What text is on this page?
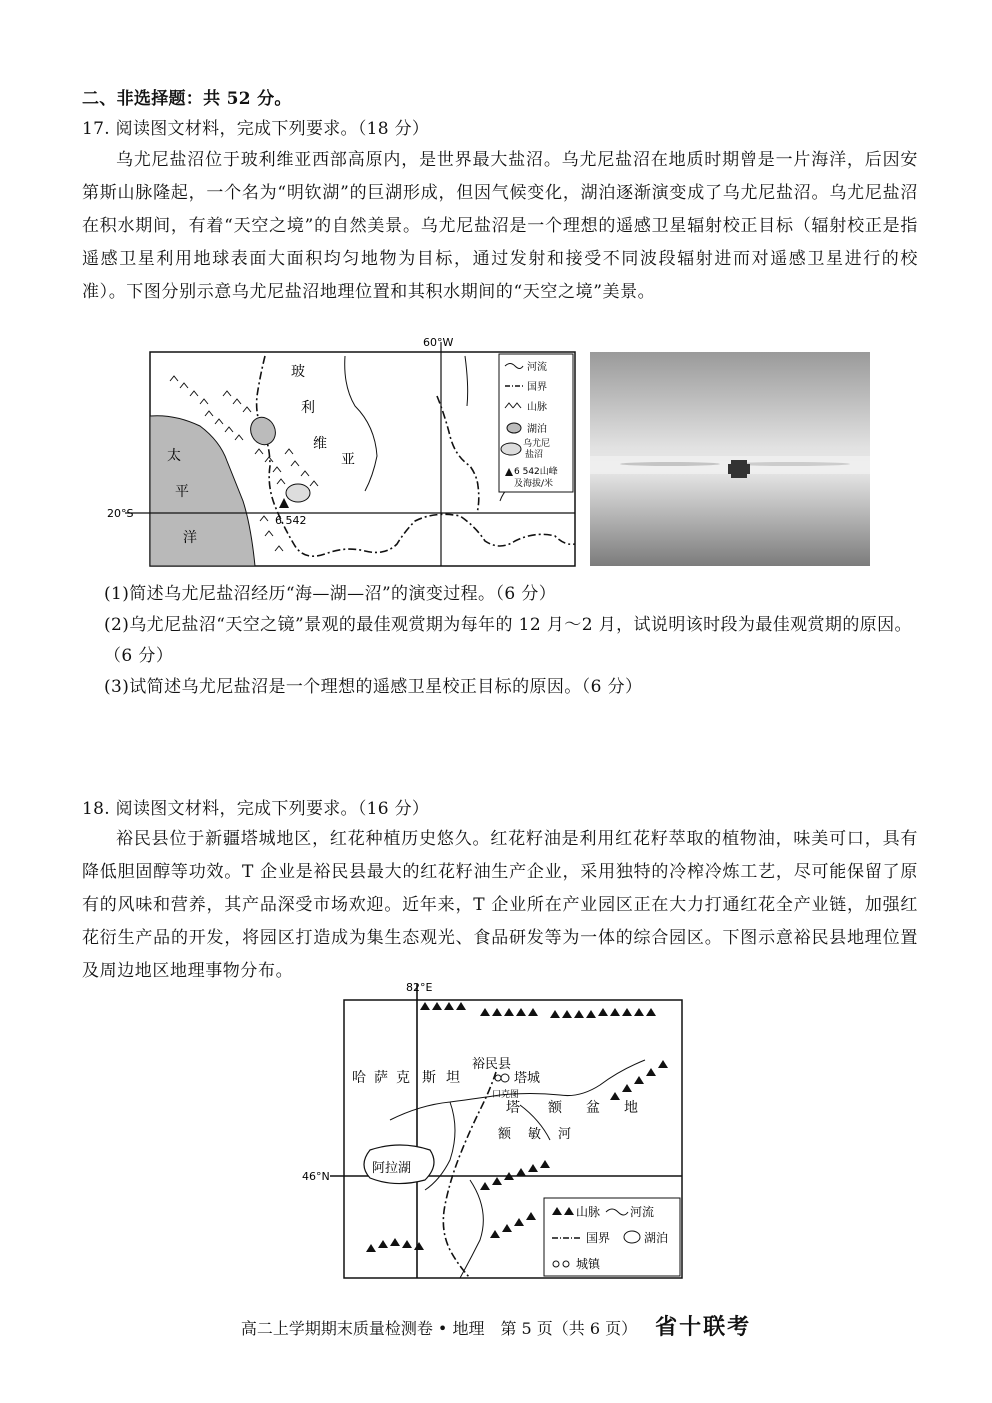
二、非选择题：共 52 分。
17. 阅读图文材料，完成下列要求。（18 分）
乌尤尼盐沼位于玻利维亚西部高原内，是世界最大盐沼。乌尤尼盐沼在地质时期曾是一片海洋，后因安第斯山脉隆起，一个名为“明钦湖”的巨湖形成，但因气候变化，湖泊逐渐演变成了乌尤尼盐沼。乌尤尼盐沼在积水期间，有着“天空之境”的自然美景。乌尤尼盐沼是一个理想的遥感卫星辐射校正目标（辐射校正是指遥感卫星利用地球表面大面积均匀地物为目标，通过发射和接受不同波段辐射进而对遥感卫星进行的校准）。下图分别示意乌尤尼盐沼地理位置和其积水期间的“天空之境”美景。
60°W
20°S
6 542
玻
利
维
亚
太
平
洋
河流
国界
山脉
湖泊
乌尤尼
盐沼
6 542山峰
及海拔/米
(1)简述乌尤尼盐沼经历“海—湖—沼”的演变过程。（6 分）
(2)乌尤尼盐沼“天空之镜”景观的最佳观赏期为每年的 12 月～2 月，试说明该时段为最佳观赏期的原因。（6 分）
(3)试简述乌尤尼盐沼是一个理想的遥感卫星校正目标的原因。（6 分）
18. 阅读图文材料，完成下列要求。（16 分）
裕民县位于新疆塔城地区，红花种植历史悠久。红花籽油是利用红花籽萃取的植物油，味美可口，具有降低胆固醇等功效。T 企业是裕民县最大的红花籽油生产企业，采用独特的冷榨冷炼工艺，尽可能保留了原有的风味和营养，其产品深受市场欢迎。近年来，T 企业所在产业园区正在大力打通红花全产业链，加强红花衍生产品的开发，将园区打造成为集生态观光、食品研发等为一体的综合园区。下图示意裕民县地理位置及周边地区地理事物分布。
82°E
46°N
哈 萨 克 斯 坦
裕民县
塔城
口克图
塔 额 盆 地
额 敏 河
阿拉湖
山脉 河流
国界	湖泊
城镇
高二上学期期末质量检测卷 • 地理　第 5 页（共 6 页） 省十联考
